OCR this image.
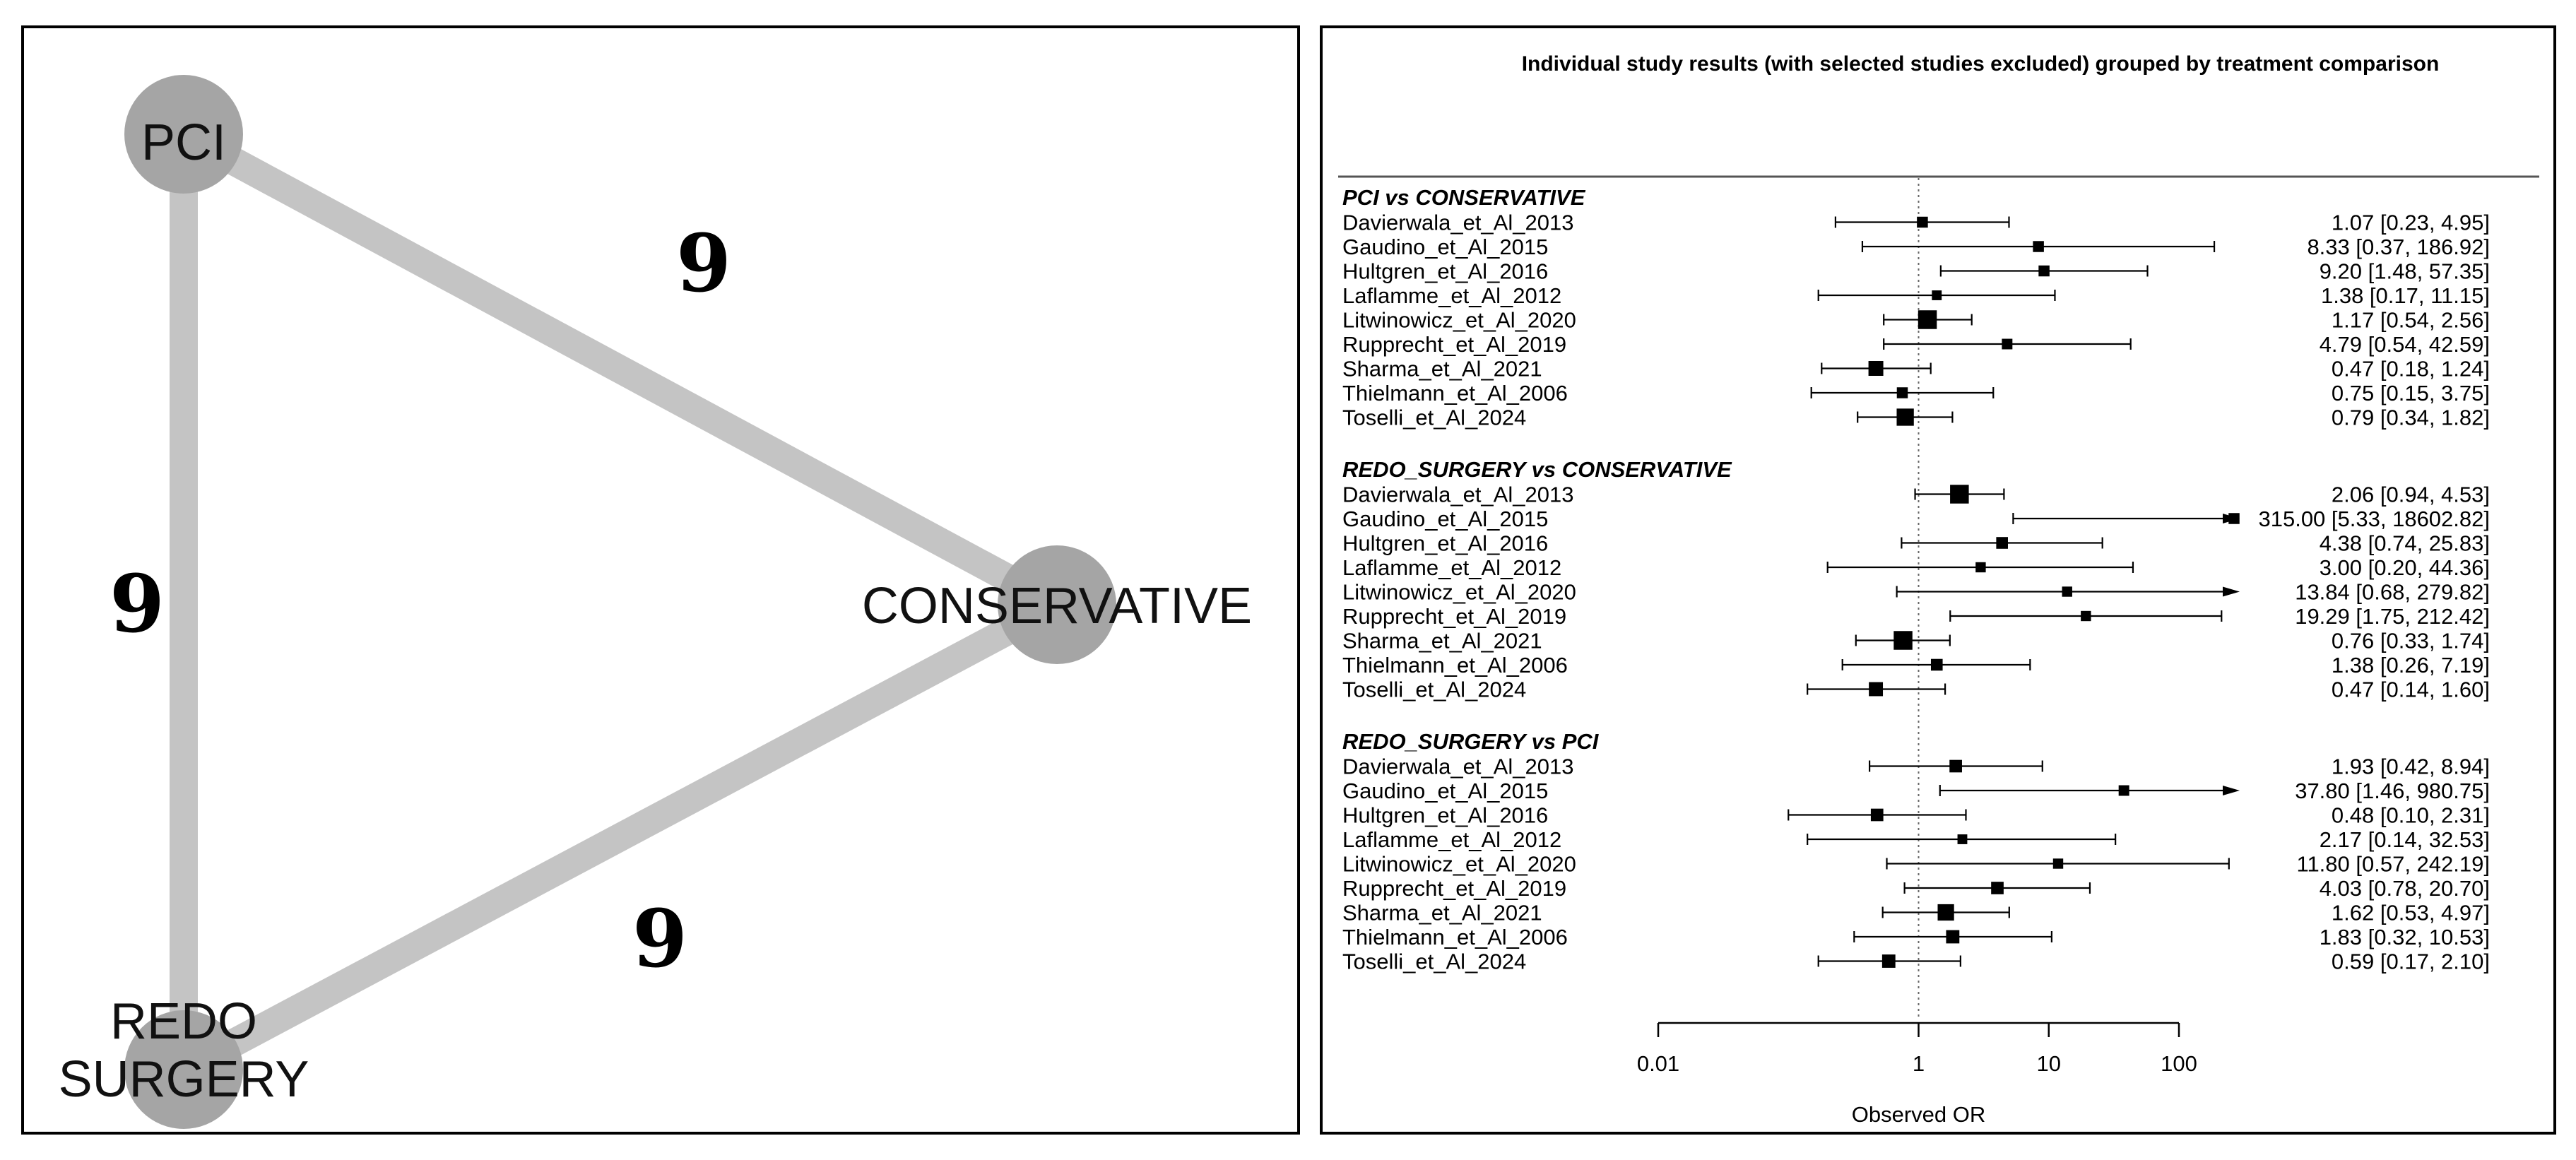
PCI
CONSERVATIVE
REDO
SURGERY
9
9
9
Individual study results (with selected studies excluded) grouped by treatment comparison
PCI vs CONSERVATIVE
Davierwala_et_Al_2013	1.07 [0.23, 4.95]
Gaudino_et_Al_2015	8.33 [0.37, 186.92]
Hultgren_et_Al_2016	9.20 [1.48, 57.35]
Laflamme_et_Al_2012	1.38 [0.17, 11.15]
Litwinowicz_et_Al_2020	1.17 [0.54, 2.56]
Rupprecht_et_Al_2019	4.79 [0.54, 42.59]
Sharma_et_Al_2021	0.47 [0.18, 1.24]
Thielmann_et_Al_2006	0.75 [0.15, 3.75]
Toselli_et_Al_2024	0.79 [0.34, 1.82]
REDO_SURGERY vs CONSERVATIVE
Davierwala_et_Al_2013	2.06 [0.94, 4.53]
Gaudino_et_Al_2015	315.00 [5.33, 18602.82]
Hultgren_et_Al_2016	4.38 [0.74, 25.83]
Laflamme_et_Al_2012	3.00 [0.20, 44.36]
Litwinowicz_et_Al_2020	13.84 [0.68, 279.82]
Rupprecht_et_Al_2019	19.29 [1.75, 212.42]
Sharma_et_Al_2021	0.76 [0.33, 1.74]
Thielmann_et_Al_2006	1.38 [0.26, 7.19]
Toselli_et_Al_2024	0.47 [0.14, 1.60]
REDO_SURGERY vs PCI
Davierwala_et_Al_2013	1.93 [0.42, 8.94]
Gaudino_et_Al_2015	37.80 [1.46, 980.75]
Hultgren_et_Al_2016	0.48 [0.10, 2.31]
Laflamme_et_Al_2012	2.17 [0.14, 32.53]
Litwinowicz_et_Al_2020	11.80 [0.57, 242.19]
Rupprecht_et_Al_2019	4.03 [0.78, 20.70]
Sharma_et_Al_2021	1.62 [0.53, 4.97]
Thielmann_et_Al_2006	1.83 [0.32, 10.53]
Toselli_et_Al_2024	0.59 [0.17, 2.10]
0.01	1	10	100
Observed OR
